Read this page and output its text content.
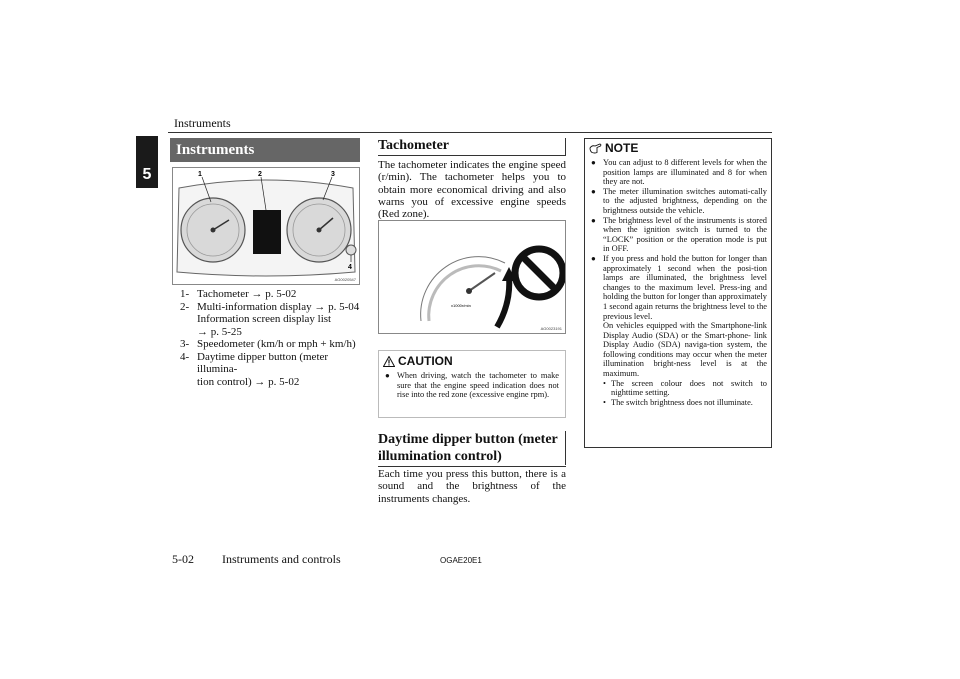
Instruments
5
Instruments
1	2	3
4
AG0020547
1- Tachometer → p. 5-02
2- Multi-information display → p. 5-04
Information screen display list
→ p. 5-25
3- Speedometer (km/h or mph + km/h)
4- Daytime dipper button (meter illumina-
tion control) → p. 5-02
Tachometer
The tachometer indicates the engine speed (r/min). The tachometer helps you to obtain more economical driving and also warns you of excessive engine speeds (Red zone).
x1000r/min
AG0023191
CAUTION
● When driving, watch the tachometer to make sure that the engine speed indication does not rise into the red zone (excessive engine rpm).
Daytime dipper button (meter
illumination control)
Each time you press this button, there is a sound and the brightness of the instruments changes.
NOTE
● You can adjust to 8 different levels for when the position lamps are illuminated and 8 for when they are not.
● The meter illumination switches automati-cally to the adjusted brightness, depending on the brightness outside the vehicle.
● The brightness level of the instruments is stored when the ignition switch is turned to the “LOCK” position or the operation mode is put in OFF.
● If you press and hold the button for longer than approximately 1 second when the posi-tion lamps are illuminated, the brightness level changes to the maximum level. Press-ing and holding the button for longer than approximately 1 second again returns the brightness level to the previous level.
On vehicles equipped with the Smartphone-link Display Audio (SDA) or the Smart-phone- link Display Audio (SDA) naviga-tion system, the following conditions may occur when the meter illumination bright-ness level is at the maximum.
• The screen colour does not switch to nighttime setting.
• The switch brightness does not illuminate.
5-02 Instruments and controls	OGAE20E1
